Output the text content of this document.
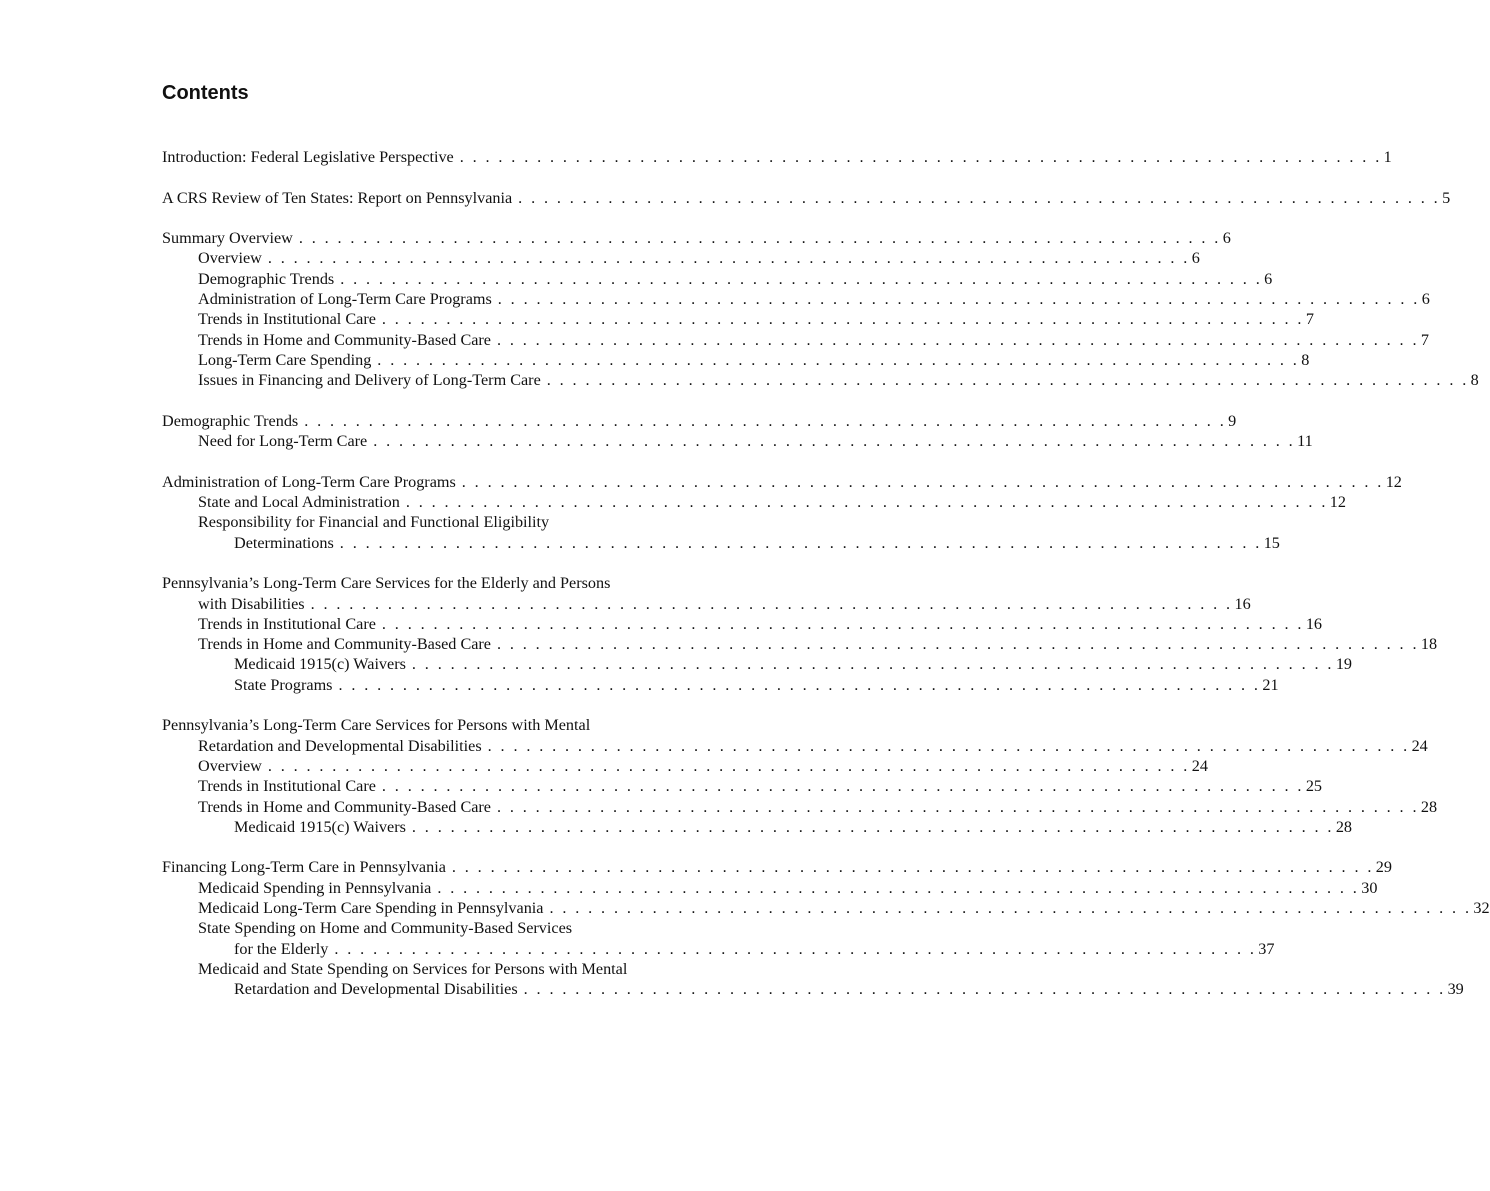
Contents
Introduction: Federal Legislative Perspective . . . . . . . . . . . . . . . . . . . . . . . . . . . . . . . . . . . . . . . . . . . . . . . . . . . . . . . . . . . . . . . . . . . . . . . . 1
A CRS Review of Ten States: Report on Pennsylvania . . . . . . . . . . . . . . . . . . . . . . . . . . . . . . . . . . . . . . . . . . . . . . . . . . . . . . . . . . . . . . . . . . . . . . . . 5
Summary Overview . . . . . . . . . . . . . . . . . . . . . . . . . . . . . . . . . . . . . . . . . . . . . . . . . . . . . . . . . . . . . . . . . . . . . . . . 6
Overview . . . . . . . . . . . . . . . . . . . . . . . . . . . . . . . . . . . . . . . . . . . . . . . . . . . . . . . . . . . . . . . . . . . . . . . . 6
Demographic Trends . . . . . . . . . . . . . . . . . . . . . . . . . . . . . . . . . . . . . . . . . . . . . . . . . . . . . . . . . . . . . . . . . . . . . . . . 6
Administration of Long-Term Care Programs . . . . . . . . . . . . . . . . . . . . . . . . . . . . . . . . . . . . . . . . . . . . . . . . . . . . . . . . . . . . . . . . . . . . . . . . 6
Trends in Institutional Care . . . . . . . . . . . . . . . . . . . . . . . . . . . . . . . . . . . . . . . . . . . . . . . . . . . . . . . . . . . . . . . . . . . . . . . . 7
Trends in Home and Community-Based Care . . . . . . . . . . . . . . . . . . . . . . . . . . . . . . . . . . . . . . . . . . . . . . . . . . . . . . . . . . . . . . . . . . . . . . . . 7
Long-Term Care Spending . . . . . . . . . . . . . . . . . . . . . . . . . . . . . . . . . . . . . . . . . . . . . . . . . . . . . . . . . . . . . . . . . . . . . . . . 8
Issues in Financing and Delivery of Long-Term Care . . . . . . . . . . . . . . . . . . . . . . . . . . . . . . . . . . . . . . . . . . . . . . . . . . . . . . . . . . . . . . . . . . . . . . . . 8
Demographic Trends . . . . . . . . . . . . . . . . . . . . . . . . . . . . . . . . . . . . . . . . . . . . . . . . . . . . . . . . . . . . . . . . . . . . . . . . 9
Need for Long-Term Care . . . . . . . . . . . . . . . . . . . . . . . . . . . . . . . . . . . . . . . . . . . . . . . . . . . . . . . . . . . . . . . . . . . . . . . . 11
Administration of Long-Term Care Programs . . . . . . . . . . . . . . . . . . . . . . . . . . . . . . . . . . . . . . . . . . . . . . . . . . . . . . . . . . . . . . . . . . . . . . . . 12
State and Local Administration . . . . . . . . . . . . . . . . . . . . . . . . . . . . . . . . . . . . . . . . . . . . . . . . . . . . . . . . . . . . . . . . . . . . . . . . 12
Responsibility for Financial and Functional Eligibility
Determinations . . . . . . . . . . . . . . . . . . . . . . . . . . . . . . . . . . . . . . . . . . . . . . . . . . . . . . . . . . . . . . . . . . . . . . . . 15
Pennsylvania’s Long-Term Care Services for the Elderly and Persons
with Disabilities . . . . . . . . . . . . . . . . . . . . . . . . . . . . . . . . . . . . . . . . . . . . . . . . . . . . . . . . . . . . . . . . . . . . . . . . 16
Trends in Institutional Care . . . . . . . . . . . . . . . . . . . . . . . . . . . . . . . . . . . . . . . . . . . . . . . . . . . . . . . . . . . . . . . . . . . . . . . . 16
Trends in Home and Community-Based Care . . . . . . . . . . . . . . . . . . . . . . . . . . . . . . . . . . . . . . . . . . . . . . . . . . . . . . . . . . . . . . . . . . . . . . . . 18
Medicaid 1915(c) Waivers . . . . . . . . . . . . . . . . . . . . . . . . . . . . . . . . . . . . . . . . . . . . . . . . . . . . . . . . . . . . . . . . . . . . . . . . 19
State Programs . . . . . . . . . . . . . . . . . . . . . . . . . . . . . . . . . . . . . . . . . . . . . . . . . . . . . . . . . . . . . . . . . . . . . . . . 21
Pennsylvania’s Long-Term Care Services for Persons with Mental
Retardation and Developmental Disabilities . . . . . . . . . . . . . . . . . . . . . . . . . . . . . . . . . . . . . . . . . . . . . . . . . . . . . . . . . . . . . . . . . . . . . . . . 24
Overview . . . . . . . . . . . . . . . . . . . . . . . . . . . . . . . . . . . . . . . . . . . . . . . . . . . . . . . . . . . . . . . . . . . . . . . . 24
Trends in Institutional Care . . . . . . . . . . . . . . . . . . . . . . . . . . . . . . . . . . . . . . . . . . . . . . . . . . . . . . . . . . . . . . . . . . . . . . . . 25
Trends in Home and Community-Based Care . . . . . . . . . . . . . . . . . . . . . . . . . . . . . . . . . . . . . . . . . . . . . . . . . . . . . . . . . . . . . . . . . . . . . . . . 28
Medicaid 1915(c) Waivers . . . . . . . . . . . . . . . . . . . . . . . . . . . . . . . . . . . . . . . . . . . . . . . . . . . . . . . . . . . . . . . . . . . . . . . . 28
Financing Long-Term Care in Pennsylvania . . . . . . . . . . . . . . . . . . . . . . . . . . . . . . . . . . . . . . . . . . . . . . . . . . . . . . . . . . . . . . . . . . . . . . . . 29
Medicaid Spending in Pennsylvania . . . . . . . . . . . . . . . . . . . . . . . . . . . . . . . . . . . . . . . . . . . . . . . . . . . . . . . . . . . . . . . . . . . . . . . . 30
Medicaid Long-Term Care Spending in Pennsylvania . . . . . . . . . . . . . . . . . . . . . . . . . . . . . . . . . . . . . . . . . . . . . . . . . . . . . . . . . . . . . . . . . . . . . . . . 32
State Spending on Home and Community-Based Services
for the Elderly . . . . . . . . . . . . . . . . . . . . . . . . . . . . . . . . . . . . . . . . . . . . . . . . . . . . . . . . . . . . . . . . . . . . . . . . 37
Medicaid and State Spending on Services for Persons with Mental
Retardation and Developmental Disabilities . . . . . . . . . . . . . . . . . . . . . . . . . . . . . . . . . . . . . . . . . . . . . . . . . . . . . . . . . . . . . . . . . . . . . . . . 39
